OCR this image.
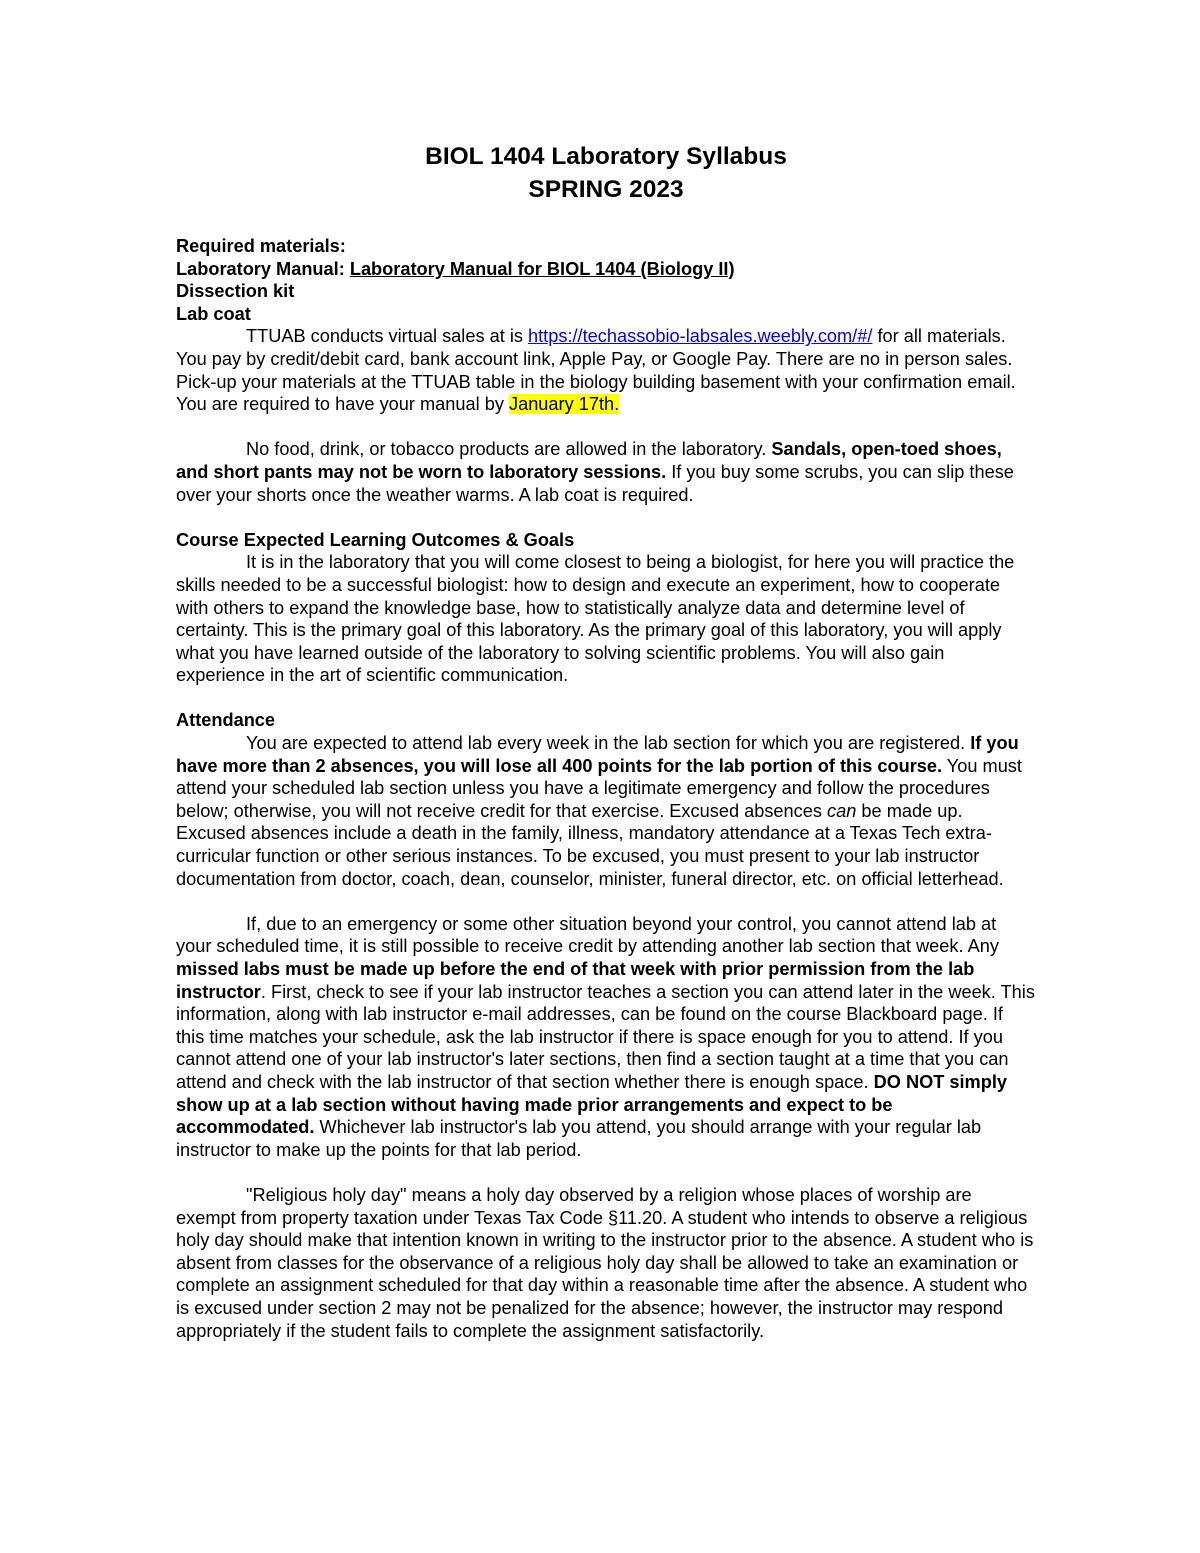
BIOL 1404 Laboratory Syllabus

SPRING 2023

Required materials:

Laboratory Manual: Laboratory Manual for BIOL 1404 (Biology II)

Dissection kit

Lab coat

TTUAB conducts virtual sales at is https://techassobio-labsales.weebly.com/#/ for all materials. You pay by credit/debit card, bank account link, Apple Pay, or Google Pay. There are no in person sales. Pick-up your materials at the TTUAB table in the biology building basement with your confirmation email. You are required to have your manual by January 17th.

No food, drink, or tobacco products are allowed in the laboratory. Sandals, open-toed shoes, and short pants may not be worn to laboratory sessions. If you buy some scrubs, you can slip these over your shorts once the weather warms. A lab coat is required.

Course Expected Learning Outcomes & Goals

It is in the laboratory that you will come closest to being a biologist, for here you will practice the skills needed to be a successful biologist: how to design and execute an experiment, how to cooperate with others to expand the knowledge base, how to statistically analyze data and determine level of certainty. This is the primary goal of this laboratory. As the primary goal of this laboratory, you will apply what you have learned outside of the laboratory to solving scientific problems. You will also gain experience in the art of scientific communication.

Attendance

You are expected to attend lab every week in the lab section for which you are registered. If you have more than 2 absences, you will lose all 400 points for the lab portion of this course. You must attend your scheduled lab section unless you have a legitimate emergency and follow the procedures below; otherwise, you will not receive credit for that exercise. Excused absences can be made up. Excused absences include a death in the family, illness, mandatory attendance at a Texas Tech extra-curricular function or other serious instances. To be excused, you must present to your lab instructor documentation from doctor, coach, dean, counselor, minister, funeral director, etc. on official letterhead.

If, due to an emergency or some other situation beyond your control, you cannot attend lab at your scheduled time, it is still possible to receive credit by attending another lab section that week. Any missed labs must be made up before the end of that week with prior permission from the lab instructor. First, check to see if your lab instructor teaches a section you can attend later in the week. This information, along with lab instructor e-mail addresses, can be found on the course Blackboard page. If this time matches your schedule, ask the lab instructor if there is space enough for you to attend. If you cannot attend one of your lab instructor's later sections, then find a section taught at a time that you can attend and check with the lab instructor of that section whether there is enough space. DO NOT simply show up at a lab section without having made prior arrangements and expect to be accommodated. Whichever lab instructor's lab you attend, you should arrange with your regular lab instructor to make up the points for that lab period.

"Religious holy day" means a holy day observed by a religion whose places of worship are exempt from property taxation under Texas Tax Code §11.20. A student who intends to observe a religious holy day should make that intention known in writing to the instructor prior to the absence. A student who is absent from classes for the observance of a religious holy day shall be allowed to take an examination or complete an assignment scheduled for that day within a reasonable time after the absence. A student who is excused under section 2 may not be penalized for the absence; however, the instructor may respond appropriately if the student fails to complete the assignment satisfactorily.
